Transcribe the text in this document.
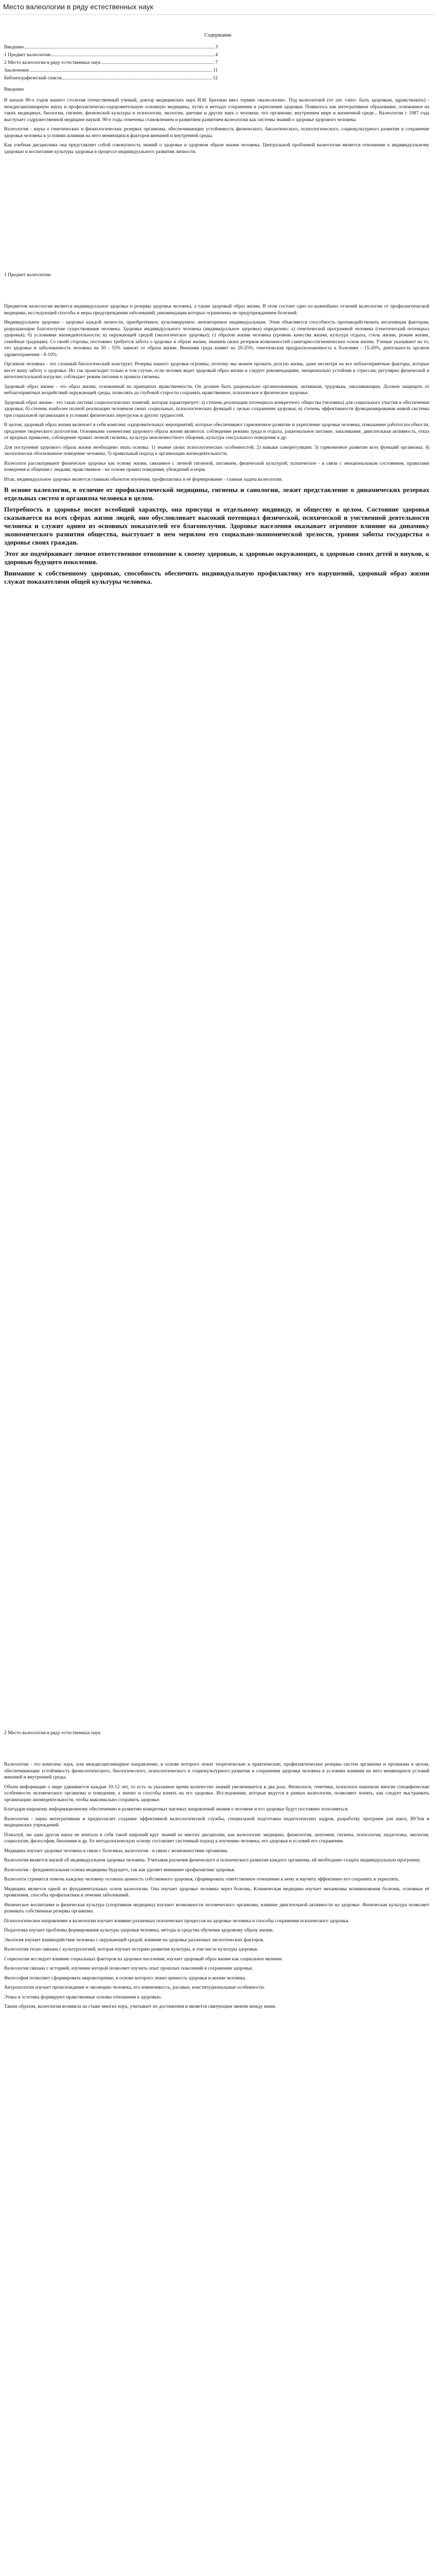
Место валеологии в ряду естественных наук
Содержание
Введение	3
1 Предмет валеологии	4
2 Место валеологии в ряду естественных наук	7
Заключение	11
Библиографический список	12
Введение

В начале 80-х годов нашего столетия отечественный ученый, доктор медицинских наук И.И. Брехман ввел термин «валеология». Под валеологией (от лат. valeo- быть здоровым, здравствовать) - междисциплинарную науку и профилактическо-оздоровительную основную медицины, путях и методах сохранения и укрепления здоровья. Появилось как интегративное образование, основанное на таких медицинах, биологии, гигиене, физической культуры и психологии, экологии, диетике и других наук о человеке, что организме, внутреннем мире и жизненной среде... Валеология с 1987 года выступает содружественной медицине наукой. 90-е годы отмечены становлением и развитием развитием валеологии как системы знаний о здоровье здорового человека.

Валеология - наука о генетических и физиологических резервах организма, обеспечивающих устойчивость физического, биологического, психологического, социокультурного развития и сохранение здоровья человека в условиях влияния на него меняющихся факторов внешней и внутренней среды.

Как учебная дисциплина она представляет собой совокупность знаний о здоровье и здоровом образе жизни человека. Центральной проблемой валеологии является отношение к индивидуальному здоровью и воспитание культуры здоровья в процессе индивидуального развития личности.

1 Предмет валеологии

Предметом валеологии является индивидуальное здоровье и резервы здоровья человека, а также здоровый образ жизни. В этом состоит одно из важнейших отличий валеологии от профилактической медицины, исследующей способы и меры предупреждения заболеваний, рекомендации которых ограничены не предупреждением болезней.

Индивидуальное здоровье - здоровье каждой личности, приобретённое, культивируемое, неповторимое индивидуальным. Этим объясняется способность противодействовать негативным факторам, разрушающим благополучие существования человека. Здоровье индивидуального человека (индивидуальное здоровье) определено: а) генетической программой человека (генетический потенциал здоровья); б) условиями жизнедеятельности; в) окружающей средой (экологическое здоровье); г) образом жизни человека (уровень качества жизни, культура отдыха, стиль жизни, режим жизни, семейные традиции). Со своей стороны, постоянно требуется забота о здоровье и образе жизни, знанием своих резервов возможностей санитарно-гигиенических основ жизни. Ученые указывают на то, что здоровье и заболеваемость человека на 50 - 55% зависят от образа жизни. Внешняя среда влияет на 20-25%, генетическая предрасположенность к болезням - 15-20%, деятельность органов здравоохранения - 8-10%.

Организм человека - это сложный биологический конструкт. Резервы нашего здоровья огромны, поэтому мы можем прожить долгую жизнь, даже несмотря на все неблагоприятные факторы, которые несет вашу заботу о здоровье. Но так происходит только в том случае, если человек ведет здоровый образ жизни и следует рекомендациям, эмоционально устойчив к стрессам, регулярно физической и интеллектуальной нагрузке, соблюдает режим питания и правила гигиены.

Здоровый образ жизни - это образ жизни, основанный на принципах нравственности. Он должен быть рационально организованным, активным, трудовым, закаливающим. Должен защищать от неблагоприятных воздействий окружающей среды, позволять до глубокой старости сохранять нравственное, психическое и физическое здоровье.

Здоровый образ жизни - это такая система социологических понятий, которая характеризует: а) степень реализации потенциала конкретного общества (человека) для социального участия в обеспечении здоровья; б) степень наиболее полной реализации человеком своих социальных, психологических функций с целью сохранения здоровья; в) степень эффективности функционирования живой системы при социальной организации в условиях физических перегрузок и других трудностей.

В целом, здоровый образ жизни включает в себя комплекс оздоровительных мероприятий, которые обеспечивают гармоничное развитие и укрепление здоровья человека, повышение работоспособности, продление творческого долголетия. Основными элементами здорового образа жизни являются: соблюдение режима труда и отдыха, рациональное питание, закаливание, двигательная активность, отказ от вредных привычек, соблюдение правил личной гигиены, культура межличностного общения, культура сексуального поведения и др.

Для построения здорового образа жизни необходимо знать основы: 1) знание своих психологических особенностей; 2) навыки саморегуляции; 3) гармоничное развитие всех функций организма; 4) экологически обоснованное поведение человека; 5) правильный подход к организации жизнедеятельности.

Валеологи рассматривают физическое здоровье как основу жизни, связанное с личной гигиеной, питанием, физической культурой; психическое - в связи с эмоциональным состоянием, правилами поведения и общения с людьми; нравственное - на основе правил поведения, убеждений и норм.

Итак, индивидуальное здоровье является главным объектом изучения, профилактика и её формирование - главная задача валеологии.

В основе валеологии, в отличие от профилактической медицины, гигиены и санологии, лежит представление о динамических резервах отдельных систем и организма человека в целом.

Потребность в здоровье носит всеобщий характер, она присуща и отдельному индивиду, и обществу в целом. Состояние здоровья сказывается на всех сферах жизни людей, оно обусловливает высокий потенциал физической, психической и умственной деятельности человека и служит одним из основных показателей его благополучия. Здоровье населения оказывает огромное влияние на динамику экономического развития общества, выступает в нем мерилом его социально-экономической зрелости, уровня заботы государства о здоровье своих граждан.

Этот же подчёркивает личное ответственное отношение к своему здоровью, к здоровью окружающих, к здоровью своих детей и внуков, к здоровью будущего поколения.

Внимание к собственному здоровью, способность обеспечить индивидуальную профилактику его нарушений, здоровый образ жизни служат показателями общей культуры человека.

2 Место валеологии в ряду естественных наук

Валеология - это комплекс наук, или междисциплинарное направление, в основе которого лежат теоретические и практические, профилактические резервы систем организма и организма в целом, обеспечивающие устойчивость физиологического, биологического, психологического и социокультурного развития и сохранения здоровья человека в условиях влияния на него меняющихся условий внешней и внутренней среды.

Объем информации о мире удваивается каждые 10-12 лет, то есть за указанное время количество знаний увеличивается в два раза. Физиологи, генетики, психологи накопили многие специфические особенности человеческого организма и поведения, а значит и способы влиять на его здоровье. Исследования, которые ведутся в рамках валеологии, позволяют понять, как следует выстраивать организацию жизнедеятельности, чтобы максимально сохранить здоровье.

Благодаря широкому информационному обеспечению и развитию конкретных научных направлений знания о человеке и его здоровье будут постоянно пополняться.

Валеология - наука интегративная и предполагает создание эффективной валеологической службы, специальной подготовки педагогических кадров, разработку программ для школ, ВУЗов и медицинских учреждений.

Пожалуй, ни одна другая наука не впитала в себя такой широкий круг знаний из многих дисциплин, как валеология: медицина, физиология, анатомия, гигиена, психология, педагогика, экология, социология, философия, биохимия и др. Ее методологическую основу составляет системный подход к изучению человека, его здоровья и условий его сохранения.

Медицина изучает здоровье человека в связи с болезнью, валеология - в связи с возможностями организма.

Валеология является наукой об индивидуальном здоровье человека. Учитывая различия физического и психического развития каждого организма, ей необходимо создать индивидуальную программу.

Валеология - фундаментальная основа медицины будущего, так как уделяет внимание профилактике здоровья.

Валеологи стремятся помочь каждому человеку осознать ценность собственного здоровья, сформировать ответственное отношение к нему и научить эффективно его сохранять и укреплять.

Медицина является одной из фундаментальных основ валеологии. Она изучает здоровье человека через болезнь. Клиническая медицина изучает механизмы возникновения болезни, основные её проявления, способы профилактики и лечения заболеваний.

Физическое воспитание и физическая культура (спортивная медицина) изучают возможности человеческого организма, влияние двигательной активности на здоровье. Физическая культура позволяет развивать собственные резервы организма.

Психологическое направление в валеологии изучает влияние различных психических процессов на здоровье человека и способы сохранения психического здоровья.

Педагогика изучает проблемы формирования культуры здоровья человека, методы и средства обучения здоровому образу жизни.

Экология изучает взаимодействие человека с окружающей средой, влияние на здоровье различных экологических факторов.

Валеология тесно связана с культурологией, которая изучает историю развития культуры, в том числе культуры здоровья.

Социология исследует влияние социальных факторов на здоровье населения, изучает здоровый образ жизни как социальное явление.

Валеология связана с историей, изучение которой позволяет изучить опыт прошлых поколений в сохранении здоровья.

Философия позволяет сформировать мировоззрение, в основе которого лежит ценность здоровья и жизни человека.

Антропология изучает происхождение и эволюцию человека, его изменчивость, расовые, конституциональные особенности.

Этика и эстетика формируют нравственные основы отношения к здоровью.

Таким образом, валеология возникла на стыке многих наук, учитывает их достижения и является связующим звеном между ними.
